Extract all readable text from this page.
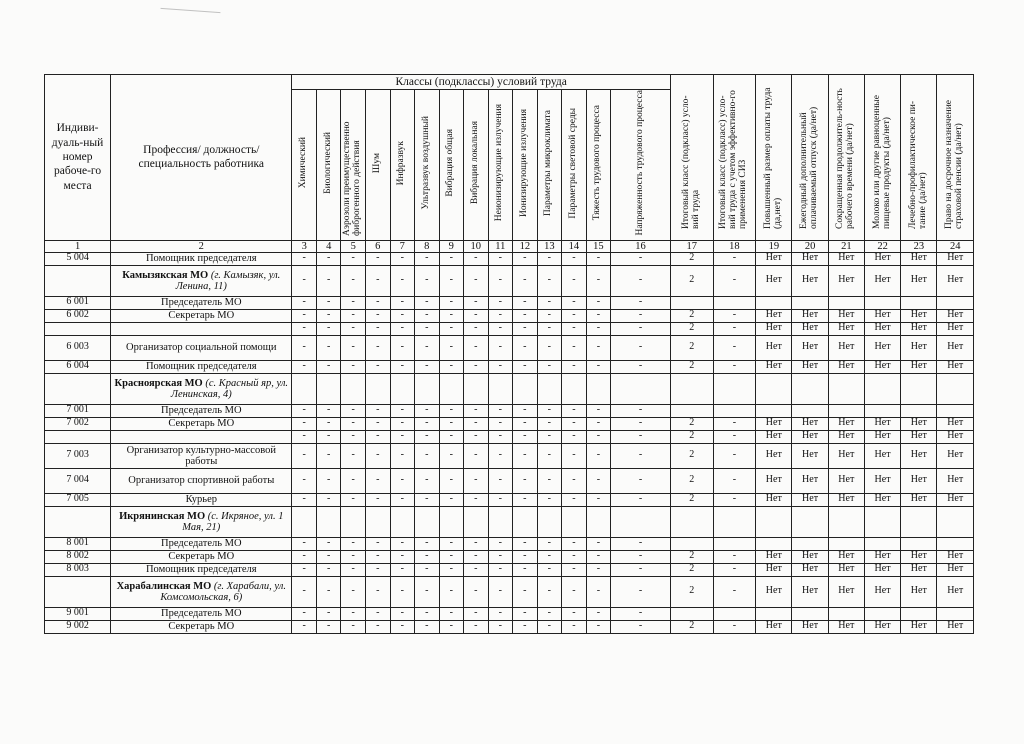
Индиви-дуаль-ный номер рабоче-го места	Профессия/ должность/ специальность работника	Классы (подклассы) условий труда														Итоговый класс (подкласс) усло-вий труда	Итоговый класс (подкласс) усло-вий труда с учетом эффективно-го применения СИЗ	Повышенный размер оплаты труда (да,нет)	Ежегодный дополнительный оплачиваемый отпуск (да/нет)	Сокращенная продолжитель-ность рабочего времени (да/нет)	Молоко или другие равноценные пищевые продукты (да/нет)	Лечебно-профилактическое пи-тание (да/нет)	Право на досрочное назначение страховой пенсии (да/нет)
		Химический	Биологический	Аэрозоли преимущественно фиброгенного действия	Шум	Инфразвук	Ультразвук воздушный	Вибрация общая	Вибрация локальная	Неионизирующие излучения	Ионизирующие излучения	Параметры микроклимата	Параметры световой среды	Тяжесть трудового процесса	Напряженность трудового процесса								
1	2	3	4	5	6	7	8	9	10	11	12	13	14	15	16	17	18	19	20	21	22	23	24
5 004	Помощник председателя	-	-	-	-	-	-	-	-	-	-	-	-	-	-	2	-	Нет	Нет	Нет	Нет	Нет	Нет
	Камызякская МО (г. Камызяк, ул. Ленина, 11)	-	-	-	-	-	-	-	-	-	-	-	-	-	-	2	-	Нет	Нет	Нет	Нет	Нет	Нет
6 001	Председатель МО	-	-	-	-	-	-	-	-	-	-	-	-	-	-								
6 002	Секретарь МО	-	-	-	-	-	-	-	-	-	-	-	-	-	-	2	-	Нет	Нет	Нет	Нет	Нет	Нет
		-	-	-	-	-	-	-	-	-	-	-	-	-	-	2	-	Нет	Нет	Нет	Нет	Нет	Нет
6 003	Организатор социальной помощи	-	-	-	-	-	-	-	-	-	-	-	-	-	-	2	-	Нет	Нет	Нет	Нет	Нет	Нет
6 004	Помощник председателя	-	-	-	-	-	-	-	-	-	-	-	-	-	-	2	-	Нет	Нет	Нет	Нет	Нет	Нет
	Красноярская МО (с. Красный яр, ул. Ленинская, 4)																						
7 001	Председатель МО	-	-	-	-	-	-	-	-	-	-	-	-	-	-								
7 002	Секретарь МО	-	-	-	-	-	-	-	-	-	-	-	-	-	-	2	-	Нет	Нет	Нет	Нет	Нет	Нет
		-	-	-	-	-	-	-	-	-	-	-	-	-	-	2	-	Нет	Нет	Нет	Нет	Нет	Нет
7 003	Организатор культурно-массовой работы	-	-	-	-	-	-	-	-	-	-	-	-	-	-	2	-	Нет	Нет	Нет	Нет	Нет	Нет
7 004	Организатор спортивной работы	-	-	-	-	-	-	-	-	-	-	-	-	-	-	2	-	Нет	Нет	Нет	Нет	Нет	Нет
7 005	Курьер	-	-	-	-	-	-	-	-	-	-	-	-	-	-	2	-	Нет	Нет	Нет	Нет	Нет	Нет
	Икрянинская МО (с. Икряное, ул. 1 Мая, 21)																						
8 001	Председатель МО	-	-	-	-	-	-	-	-	-	-	-	-	-	-								
8 002	Секретарь МО	-	-	-	-	-	-	-	-	-	-	-	-	-	-	2	-	Нет	Нет	Нет	Нет	Нет	Нет
8 003	Помощник председателя	-	-	-	-	-	-	-	-	-	-	-	-	-	-	2	-	Нет	Нет	Нет	Нет	Нет	Нет
	Харабалинская МО (г. Харабали, ул. Комсомольская, 6)	-	-	-	-	-	-	-	-	-	-	-	-	-	-	2	-	Нет	Нет	Нет	Нет	Нет	Нет
9 001	Председатель МО	-	-	-	-	-	-	-	-	-	-	-	-	-	-								
9 002	Секретарь МО	-	-	-	-	-	-	-	-	-	-	-	-	-	-	2	-	Нет	Нет	Нет	Нет	Нет	Нет
